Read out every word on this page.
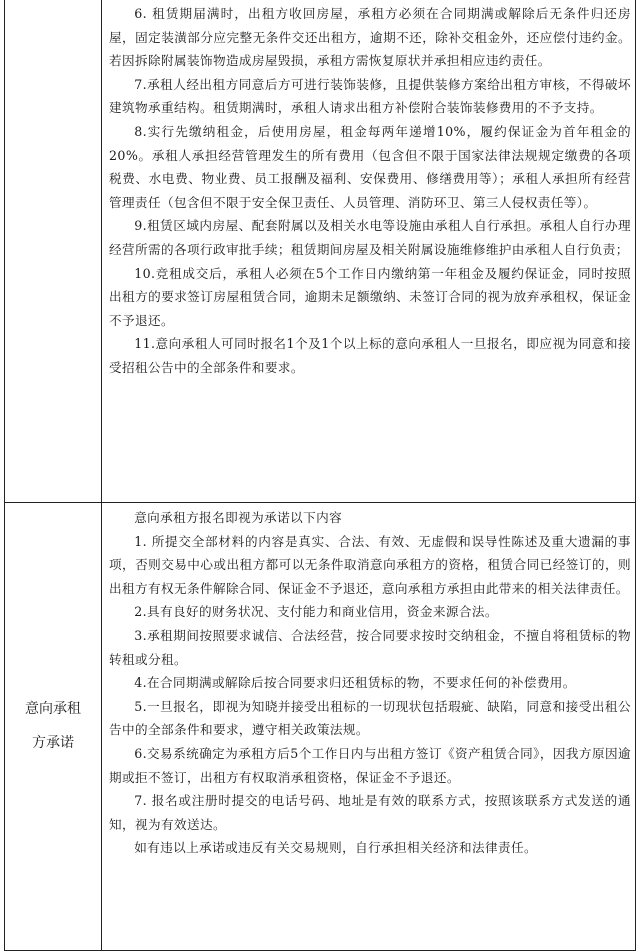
6. 租赁期届满时，出租方收回房屋，承租方必须在合同期满或解除后无条件归还房屋，固定装潢部分应完整无条件交还出租方，逾期不还，除补交租金外，还应偿付违约金。若因拆除附属装饰物造成房屋毁损，承租方需恢复原状并承担相应违约责任。

7.承租人经出租方同意后方可进行装饰装修，且提供装修方案给出租方审核，不得破坏建筑物承重结构。租赁期满时，承租人请求出租方补偿附合装饰装修费用的不予支持。

8.实行先缴纳租金，后使用房屋，租金每两年递增10%，履约保证金为首年租金的20%。承租人承担经营管理发生的所有费用（包含但不限于国家法律法规规定缴费的各项税费、水电费、物业费、员工报酬及福利、安保费用、修缮费用等）；承租人承担所有经营管理责任（包含但不限于安全保卫责任、人员管理、消防环卫、第三人侵权责任等）。

9.租赁区域内房屋、配套附属以及相关水电等设施由承租人自行承担。承租人自行办理经营所需的各项行政审批手续；租赁期间房屋及相关附属设施维修维护由承租人自行负责；

10.竞租成交后，承租人必须在5个工作日内缴纳第一年租金及履约保证金，同时按照出租方的要求签订房屋租赁合同，逾期未足额缴纳、未签订合同的视为放弃承租权，保证金不予退还。

11.意向承租人可同时报名1个及1个以上标的意向承租人一旦报名，即应视为同意和接受招租公告中的全部条件和要求。

意向承租方承诺

意向承租方报名即视为承诺以下内容

1. 所提交全部材料的内容是真实、合法、有效、无虚假和误导性陈述及重大遗漏的事项，否则交易中心或出租方都可以无条件取消意向承租方的资格，租赁合同已经签订的，则出租方有权无条件解除合同、保证金不予退还，意向承租方承担由此带来的相关法律责任。

2.具有良好的财务状况、支付能力和商业信用，资金来源合法。

3.承租期间按照要求诚信、合法经营，按合同要求按时交纳租金，不擅自将租赁标的物转租或分租。

4.在合同期满或解除后按合同要求归还租赁标的物，不要求任何的补偿费用。

5.一旦报名，即视为知晓并接受出租标的一切现状包括瑕疵、缺陷，同意和接受出租公告中的全部条件和要求，遵守相关政策法规。

6.交易系统确定为承租方后5个工作日内与出租方签订《资产租赁合同》，因我方原因逾期或拒不签订，出租方有权取消承租资格，保证金不予退还。

7. 报名或注册时提交的电话号码、地址是有效的联系方式，按照该联系方式发送的通知，视为有效送达。

如有违以上承诺或违反有关交易规则，自行承担相关经济和法律责任。
